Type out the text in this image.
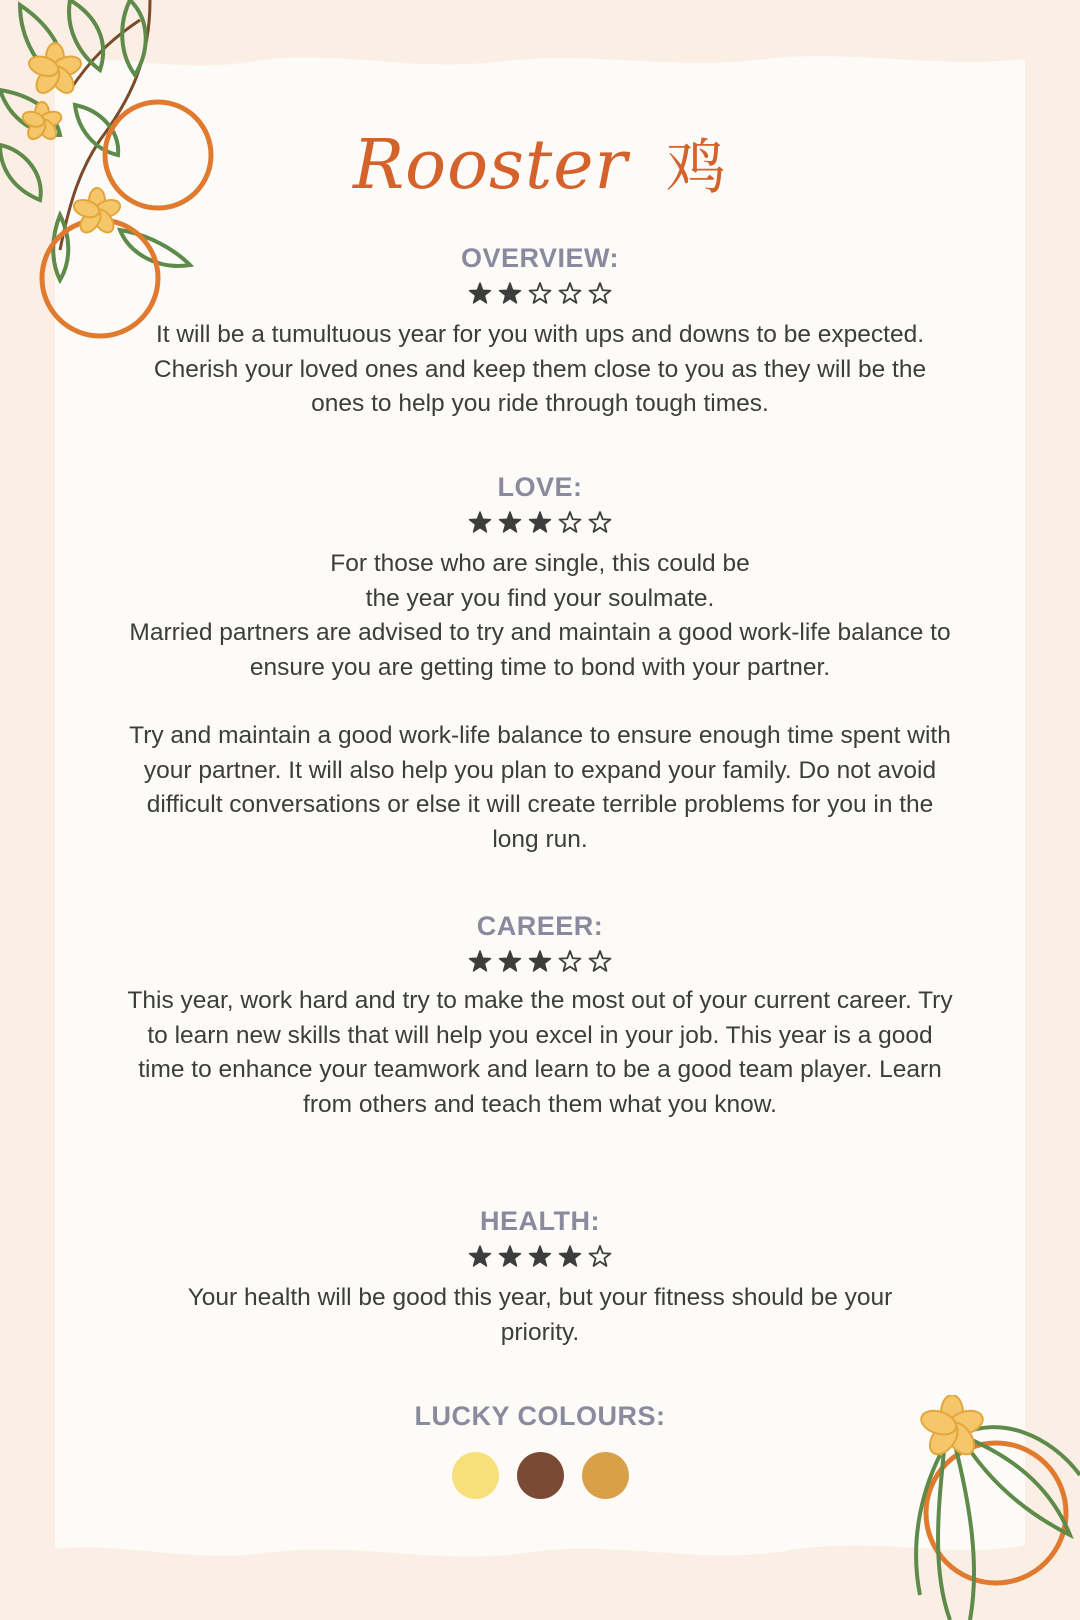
Rooster 鸡
OVERVIEW:

It will be a tumultuous year for you with ups and downs to be expected. Cherish your loved ones and keep them close to you as they will be the ones to help you ride through tough times.

LOVE:

For those who are single, this could be the year you find your soulmate.

Married partners are advised to try and maintain a good work-life balance to ensure you are getting time to bond with your partner.

Try and maintain a good work-life balance to ensure enough time spent with your partner. It will also help you plan to expand your family. Do not avoid difficult conversations or else it will create terrible problems for you in the long run.

CAREER:

This year, work hard and try to make the most out of your current career. Try to learn new skills that will help you excel in your job. This year is a good time to enhance your teamwork and learn to be a good team player. Learn from others and teach them what you know.

HEALTH:

Your health will be good this year, but your fitness should be your priority.

LUCKY COLOURS:
